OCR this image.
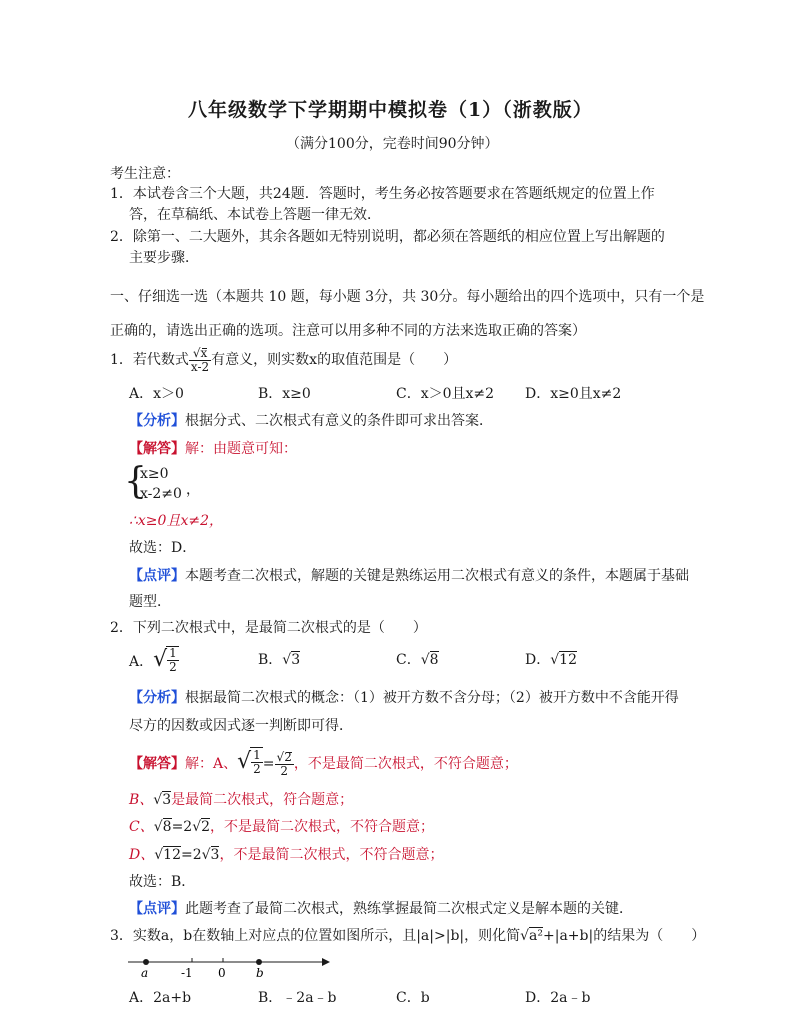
八年级数学下学期期中模拟卷（1）（浙教版）
（满分100分，完卷时间90分钟）
考生注意：
1．本试卷含三个大题，共24题．答题时，考生务必按答题要求在答题纸规定的位置上作
答，在草稿纸、本试卷上答题一律无效．
2．除第一、二大题外，其余各题如无特别说明，都必须在答题纸的相应位置上写出解题的
主要步骤．
一、仔细选一选（本题共 10 题，每小题 3分，共 30分。每小题给出的四个选项中，只有一个是
正确的，请选出正确的选项。注意可以用多种不同的方法来选取正确的答案）
1．若代数式 √
x
x-2 有意义，则实数x的取值范围是（　　）
A．x＞0	B．x≥0	C．x＞0且x≠2 D．x≥0且x≠2
【分析】根据分式、二次根式有意义的条件即可求出答案．
【解答】解：由题意可知：
{
x≥0
x-2≠0 ，
∴x≥0且x≠2，
故选：D．
【点评】本题考查二次根式，解题的关键是熟练运用二次根式有意义的条件，本题属于基础
题型．
2．下列二次根式中，是最简二次根式的是（　　）
A．√ $\frac{1}{2}$	B．√
3	C．√
8	D．√
12
【分析】根据最简二次根式的概念：（1）被开方数不含分母；（2）被开方数中不含能开得
尽方的因数或因式逐一判断即可得．
【解答】解：A、√ $\frac{1}{2}$ = √
2
2 ，不是最简二次根式，不符合题意；
B、√
3是最简二次根式，符合题意；
C、√
8=2√
2，不是最简二次根式，不符合题意；
D、√
12=2√
3，不是最简二次根式，不符合题意；
故选：B．
【点评】此题考查了最简二次根式，熟练掌握最简二次根式定义是解本题的关键．
3．实数a，b在数轴上对应点的位置如图所示，且|a|>|b|，则化简√
a²+|a+b|的结果为（　　）
a	-1 0	b
A．2a+b	B．﹣2a﹣b	C．b	D．2a﹣b
